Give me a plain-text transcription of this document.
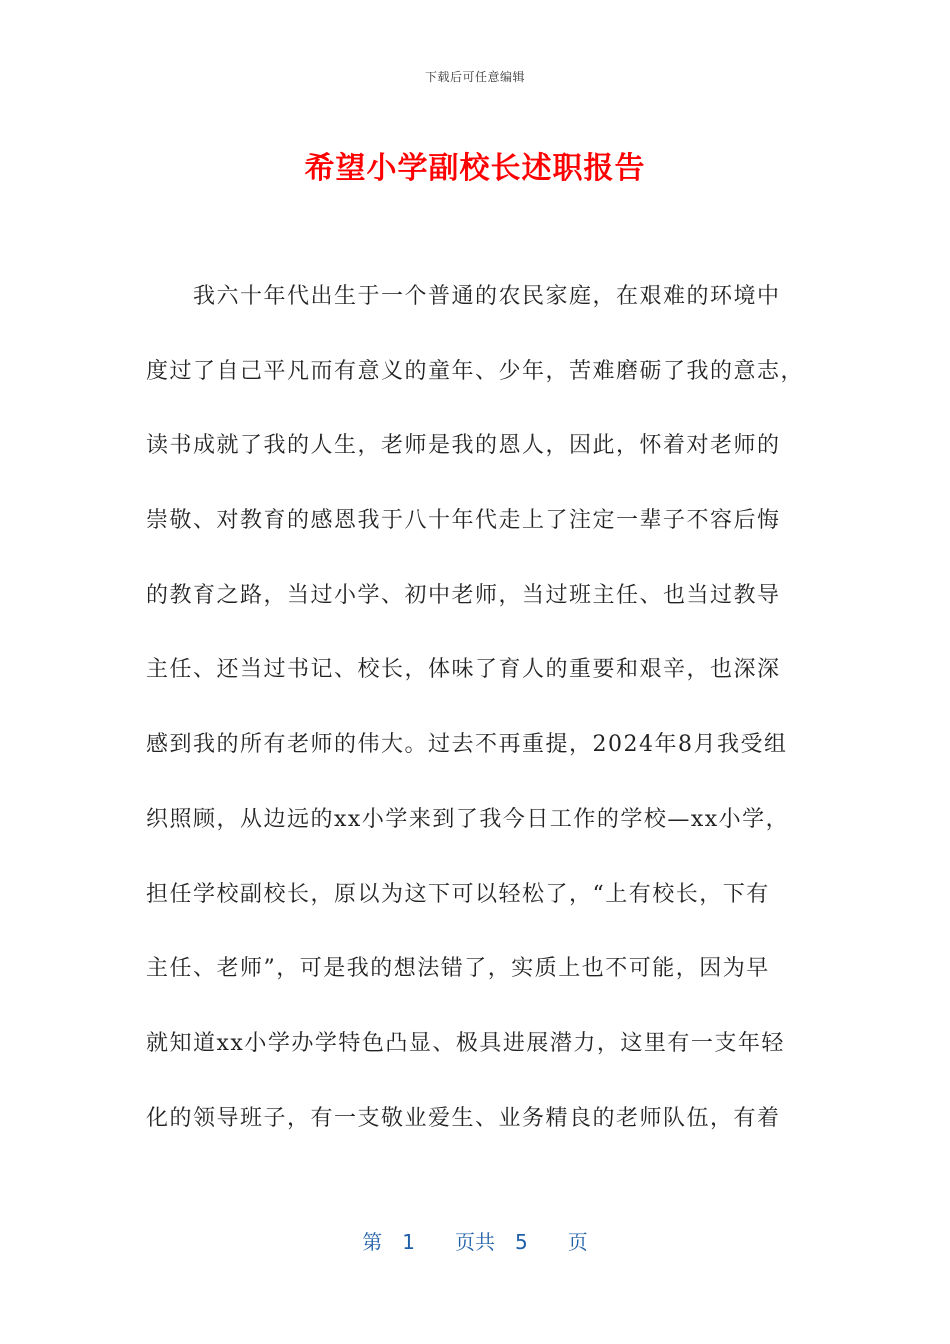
下载后可任意编辑
希望小学副校长述职报告
　　我六十年代出生于一个普通的农民家庭，在艰难的环境中
度过了自己平凡而有意义的童年、少年，苦难磨砺了我的意志，
读书成就了我的人生，老师是我的恩人，因此，怀着对老师的
崇敬、对教育的感恩我于八十年代走上了注定一辈子不容后悔
的教育之路，当过小学、初中老师，当过班主任、也当过教导
主任、还当过书记、校长，体味了育人的重要和艰辛，也深深
感到我的所有老师的伟大。过去不再重提，2024年8月我受组
织照顾，从边远的xx小学来到了我今日工作的学校—xx小学，
担任学校副校长，原以为这下可以轻松了，“上有校长，下有
主任、老师”，可是我的想法错了，实质上也不可能，因为早
就知道xx小学办学特色凸显、极具进展潜力，这里有一支年轻
化的领导班子，有一支敬业爱生、业务精良的老师队伍，有着
第　1　　页共　5　　页
